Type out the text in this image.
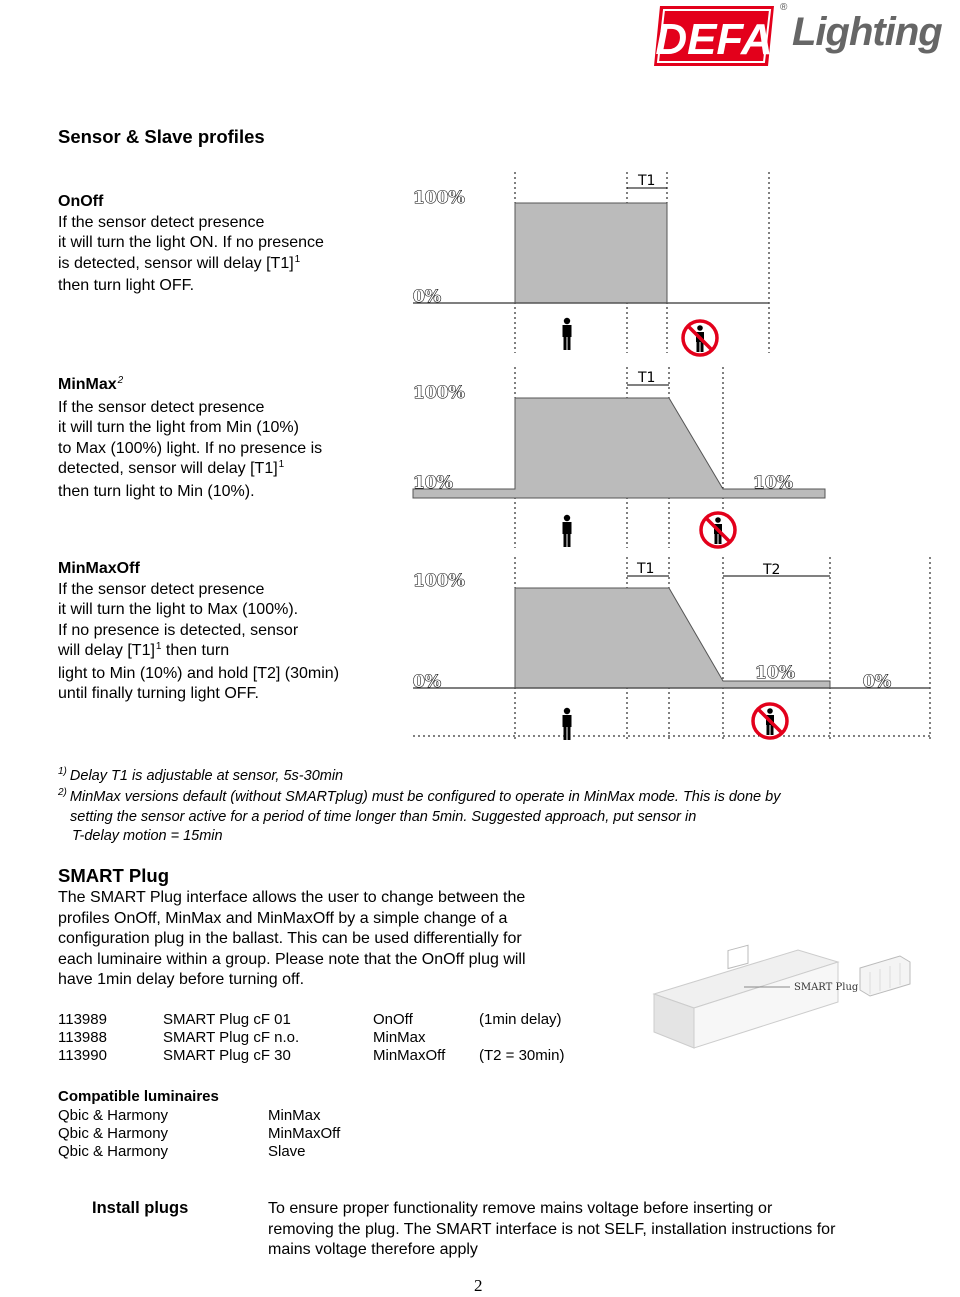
DEFA
®
Lighting
Sensor & Slave profiles
OnOff
If the sensor detect presence
it will turn the light ON. If no presence
is detected, sensor will delay $[T1]^1$
then turn light OFF.
MinMax$^2$
If the sensor detect presence
it will turn the light from Min (10%)
to Max (100%) light. If no presence is
detected, sensor will delay $[T1]^1$
then turn light to Min (10%).
MinMaxOff
If the sensor detect presence
it will turn the light to Max (100%).
If no presence is detected, sensor
will delay $[T1]^1$ then turn
light to Min (10%) and hold [T2] (30min)
until finally turning light OFF.
T1
100%
0%
T1
100%
10%	10%
T1	T2
100%
0%	10%	0%
$^{1)}$ Delay T1 is adjustable at sensor, 5s-30min
$^{2)}$ MinMax versions default (without SMARTplug) must be configured to operate in MinMax mode. This is done by
setting the sensor active for a period of time longer than 5min. Suggested approach, put sensor in
T-delay motion = 15min
SMART Plug
The SMART Plug interface allows the user to change between the
profiles OnOff, MinMax and MinMaxOff by a simple change of a
configuration plug in the ballast. This can be used differentially for
each luminaire within a group. Please note that the OnOff plug will
have 1min delay before turning off.	SMART Plug
113989	SMART Plug cF 01	OnOff	(1min delay)
113988	SMART Plug cF n.o.	MinMax
113990	SMART Plug cF 30	MinMaxOff (T2 = 30min)
Compatible luminaires
Qbic & Harmony	MinMax
Qbic & Harmony	MinMaxOff
Qbic & Harmony	Slave
Install plugs	To ensure proper functionality remove mains voltage before inserting or
removing the plug. The SMART interface is not SELF, installation instructions for
mains voltage therefore apply
2
